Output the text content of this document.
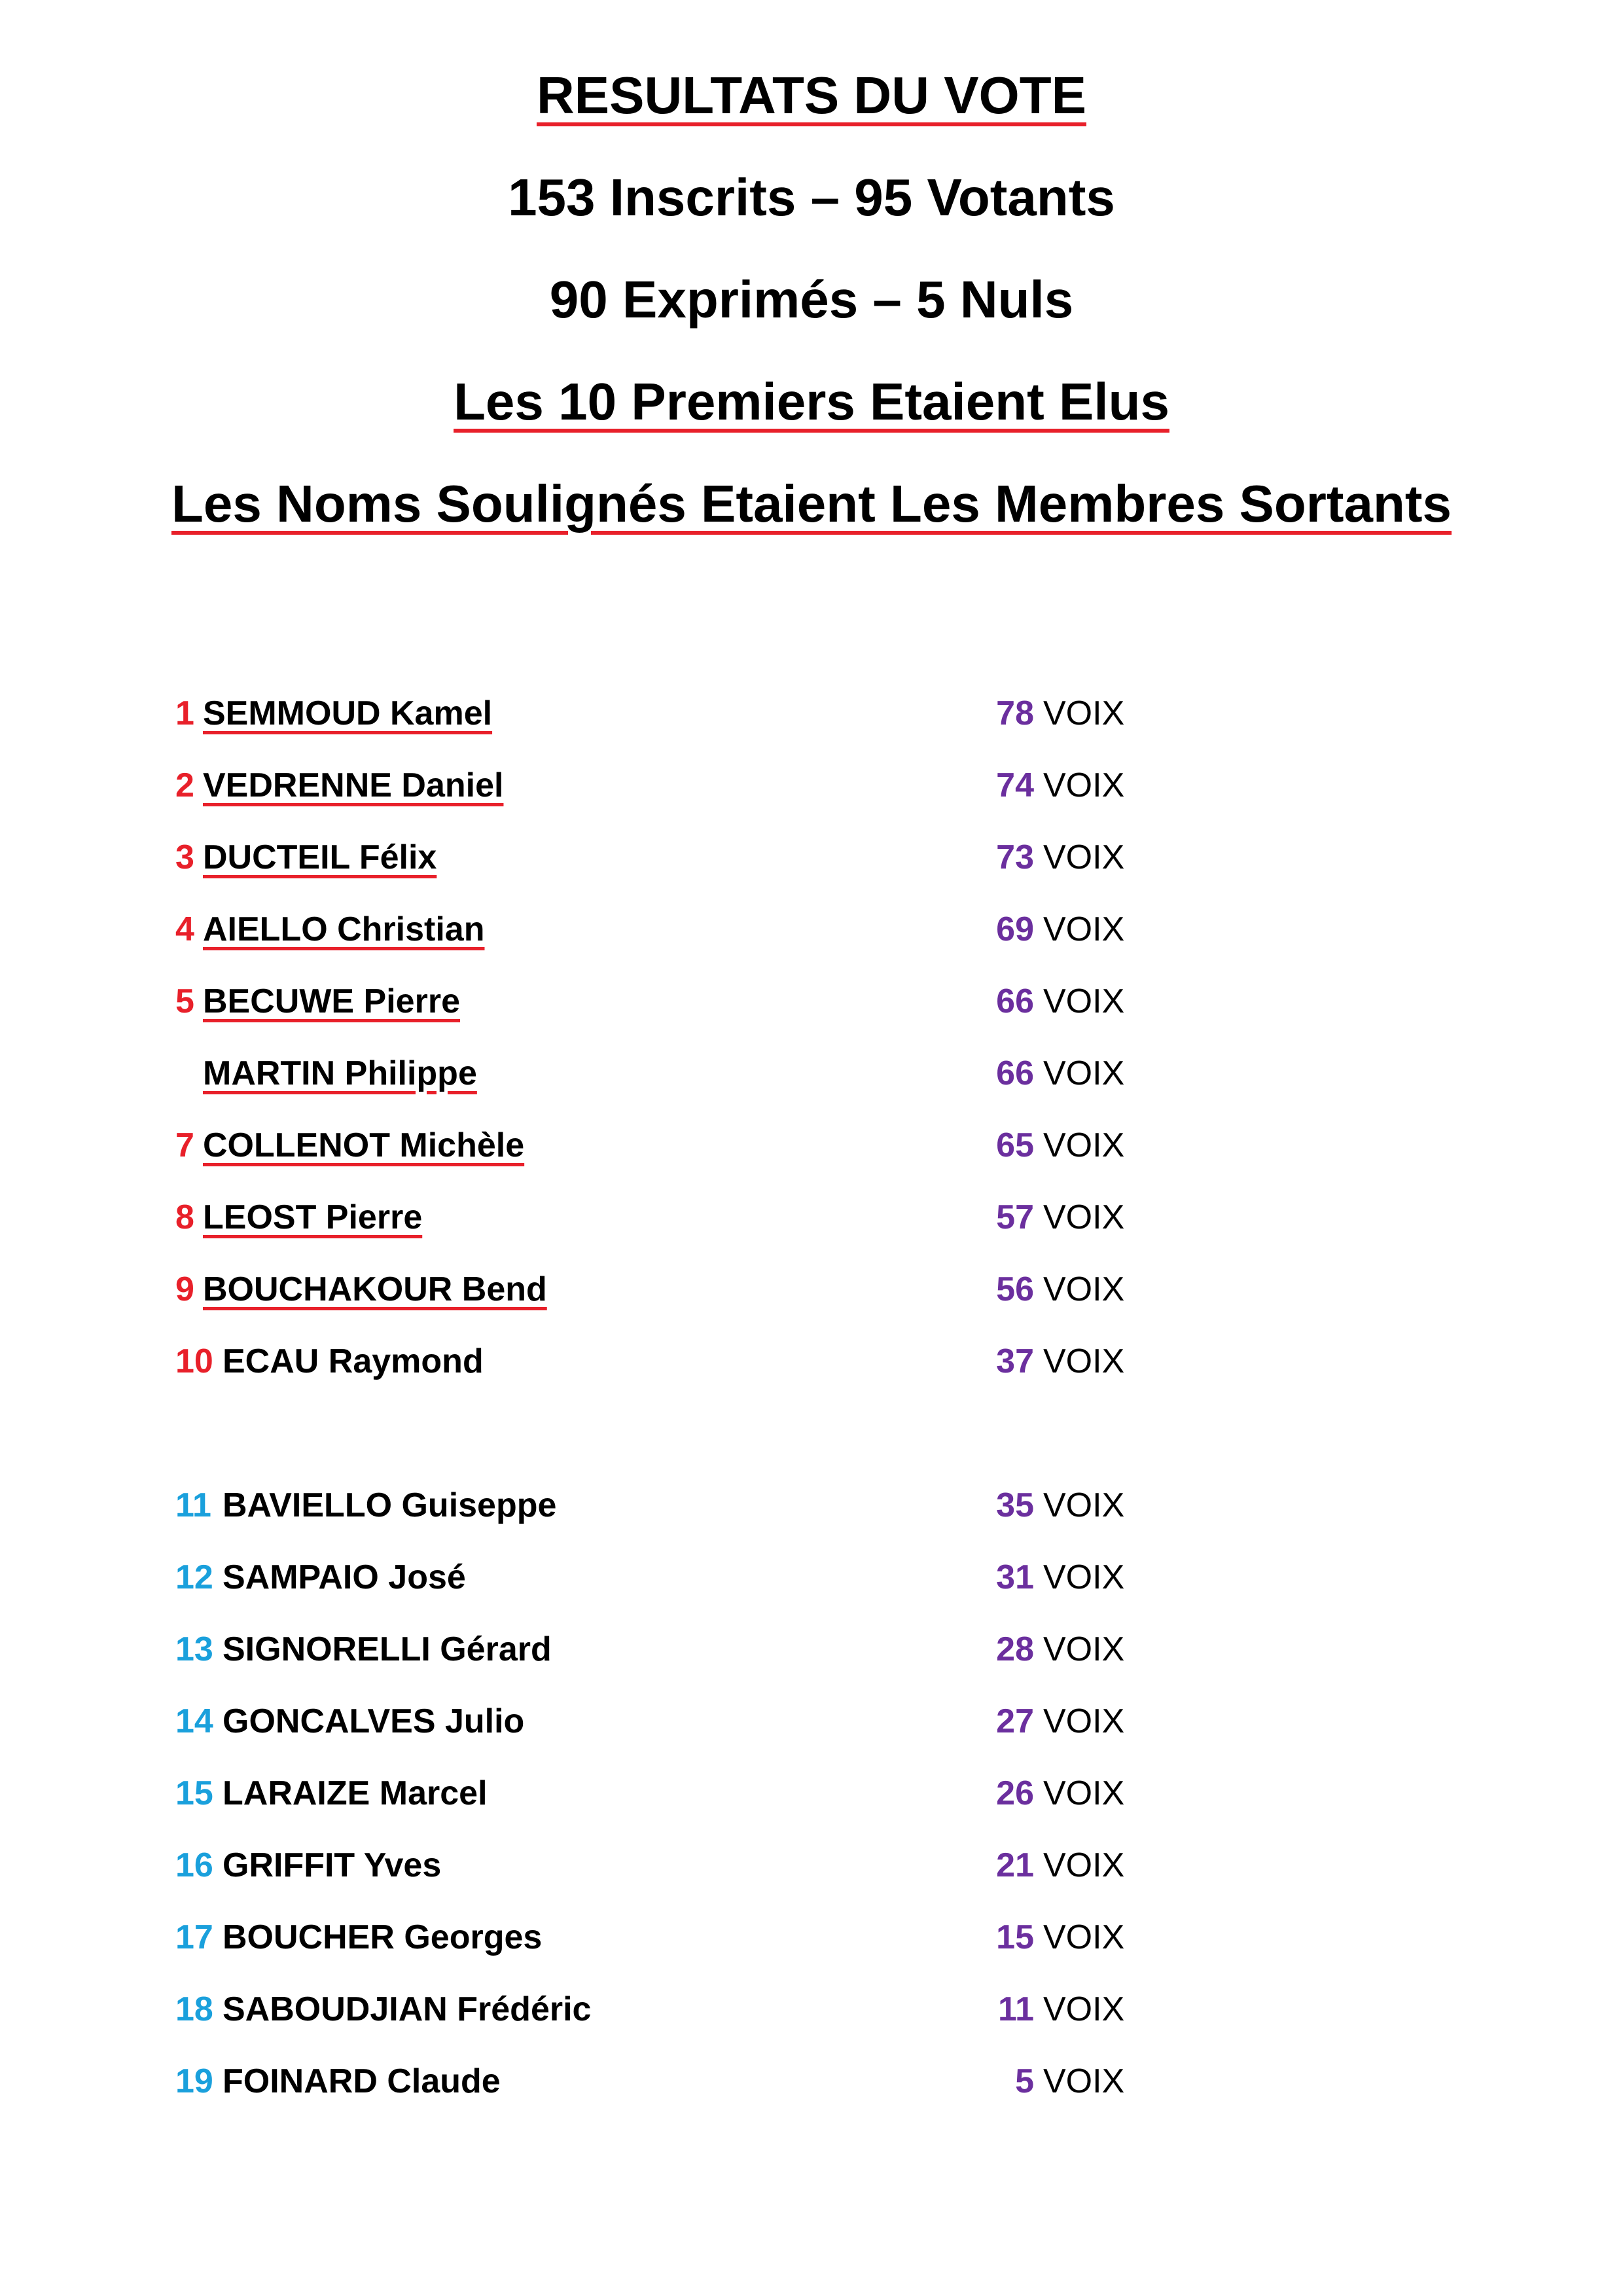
RESULTATS DU VOTE
153 Inscrits – 95 Votants
90 Exprimés – 5 Nuls
Les 10 Premiers Etaient Elus
Les Noms Soulignés Etaient Les Membres Sortants
1 SEMMOUD Kamel	78 VOIX
2 VEDRENNE Daniel	74 VOIX
3 DUCTEIL Félix	73 VOIX
4 AIELLO Christian	69 VOIX
5 BECUWE Pierre	66 VOIX
MARTIN Philippe	66 VOIX
7 COLLENOT Michèle	65 VOIX
8 LEOST Pierre	57 VOIX
9 BOUCHAKOUR Bend	56 VOIX
10 ECAU Raymond	37 VOIX
11 BAVIELLO Guiseppe	35 VOIX
12 SAMPAIO José	31 VOIX
13 SIGNORELLI Gérard	28 VOIX
14 GONCALVES Julio	27 VOIX
15 LARAIZE Marcel	26 VOIX
16 GRIFFIT Yves	21 VOIX
17 BOUCHER Georges	15 VOIX
18 SABOUDJIAN Frédéric	11 VOIX
19 FOINARD Claude	5 VOIX
